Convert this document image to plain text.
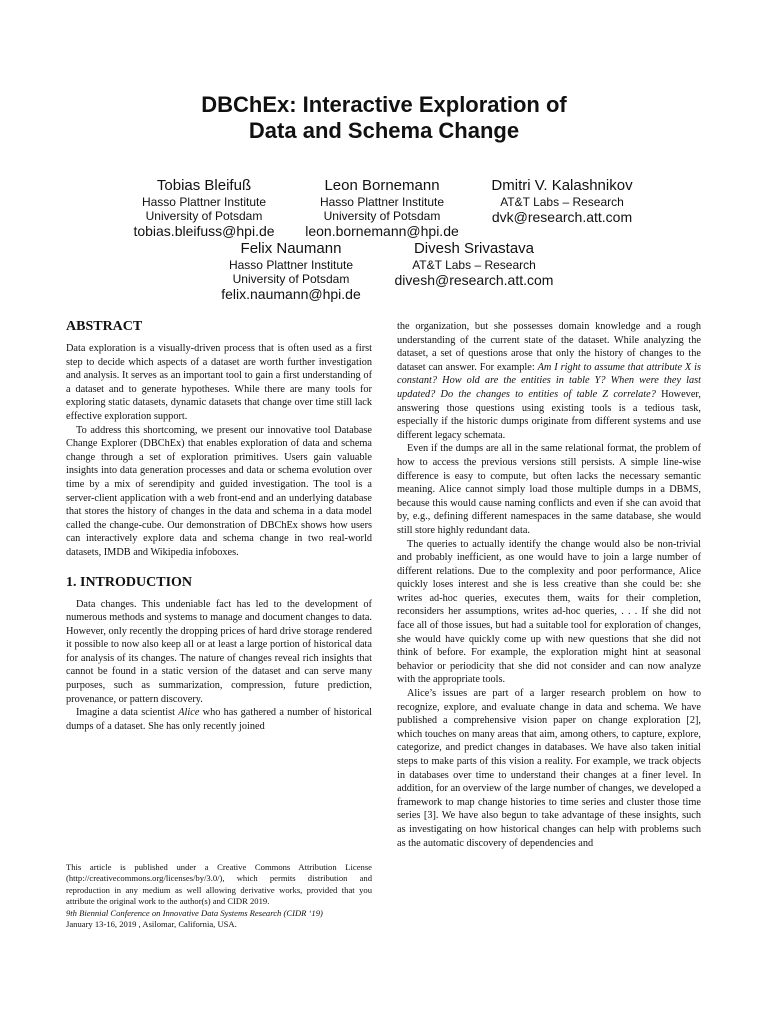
DBChEx: Interactive Exploration of
Data and Schema Change
Tobias Bleifuß
Hasso Plattner Institute
University of Potsdam
tobias.bleifuss@hpi.de
Leon Bornemann
Hasso Plattner Institute
University of Potsdam
leon.bornemann@hpi.de
Dmitri V. Kalashnikov
AT&T Labs – Research
dvk@research.att.com
Felix Naumann
Hasso Plattner Institute
University of Potsdam
felix.naumann@hpi.de
Divesh Srivastava
AT&T Labs – Research
divesh@research.att.com
ABSTRACT

Data exploration is a visually-driven process that is often used as a first step to decide which aspects of a dataset are worth further investigation and analysis. It serves as an important tool to gain a first understanding of a dataset and to generate hypotheses. While there are many tools for exploring static datasets, dynamic datasets that change over time still lack effective exploration support.

To address this shortcoming, we present our innovative tool Database Change Explorer (DBChEx) that enables exploration of data and schema change through a set of exploration primitives. Users gain valuable insights into data generation processes and data or schema evolution over time by a mix of serendipity and guided investigation. The tool is a server-client application with a web front-end and an underlying database that stores the history of changes in the data and schema in a data model called the change-cube. Our demonstration of DBChEx shows how users can interactively explore data and schema change in two real-world datasets, IMDB and Wikipedia infoboxes.

1. INTRODUCTION

Data changes. This undeniable fact has led to the development of numerous methods and systems to manage and document changes to data. However, only recently the dropping prices of hard drive storage rendered it possible to now also keep all or at least a large portion of historical data for analysis of its changes. The nature of changes reveal rich insights that cannot be found in a static version of the dataset and can serve many purposes, such as summarization, compression, future prediction, provenance, or pattern discovery.

Imagine a data scientist Alice who has gathered a number of historical dumps of a dataset. She has only recently joined

This article is published under a Creative Commons Attribution License (http://creativecommons.org/licenses/by/3.0/), which permits distribution and reproduction in any medium as well allowing derivative works, provided that you attribute the original work to the author(s) and CIDR 2019.

9th Biennial Conference on Innovative Data Systems Research (CIDR ‘19)

January 13-16, 2019 , Asilomar, California, USA.

the organization, but she possesses domain knowledge and a rough understanding of the current state of the dataset. While analyzing the dataset, a set of questions arose that only the history of changes to the dataset can answer. For example: Am I right to assume that attribute X is constant? How old are the entities in table Y? When were they last updated? Do the changes to entities of table Z correlate? However, answering those questions using existing tools is a tedious task, especially if the historic dumps originate from different systems and use different legacy schemata.

Even if the dumps are all in the same relational format, the problem of how to access the previous versions still persists. A simple line-wise difference is easy to compute, but often lacks the necessary semantic meaning. Alice cannot simply load those multiple dumps in a DBMS, because this would cause naming conflicts and even if she can avoid that by, e.g., defining different namespaces in the same database, she would still store highly redundant data.

The queries to actually identify the change would also be non-trivial and probably inefficient, as one would have to join a large number of different relations. Due to the complexity and poor performance, Alice quickly loses interest and she is less creative than she could be: she writes ad-hoc queries, executes them, waits for their completion, reconsiders her assumptions, writes ad-hoc queries, . . . If she did not face all of those issues, but had a suitable tool for exploration of changes, she would have quickly come up with new questions that she did not think of before. For example, the exploration might hint at seasonal behavior or periodicity that she did not consider and can now analyze with the appropriate tools.

Alice’s issues are part of a larger research problem on how to recognize, explore, and evaluate change in data and schema. We have published a comprehensive vision paper on change exploration [2], which touches on many areas that aim, among others, to capture, explore, categorize, and predict changes in databases. We have also taken initial steps to make parts of this vision a reality. For example, we track objects in databases over time to understand their changes at a finer level. In addition, for an overview of the large number of changes, we developed a framework to map change histories to time series and cluster those time series [3]. We have also begun to take advantage of these insights, such as investigating on how historical changes can help with problems such as the automatic discovery of dependencies and
